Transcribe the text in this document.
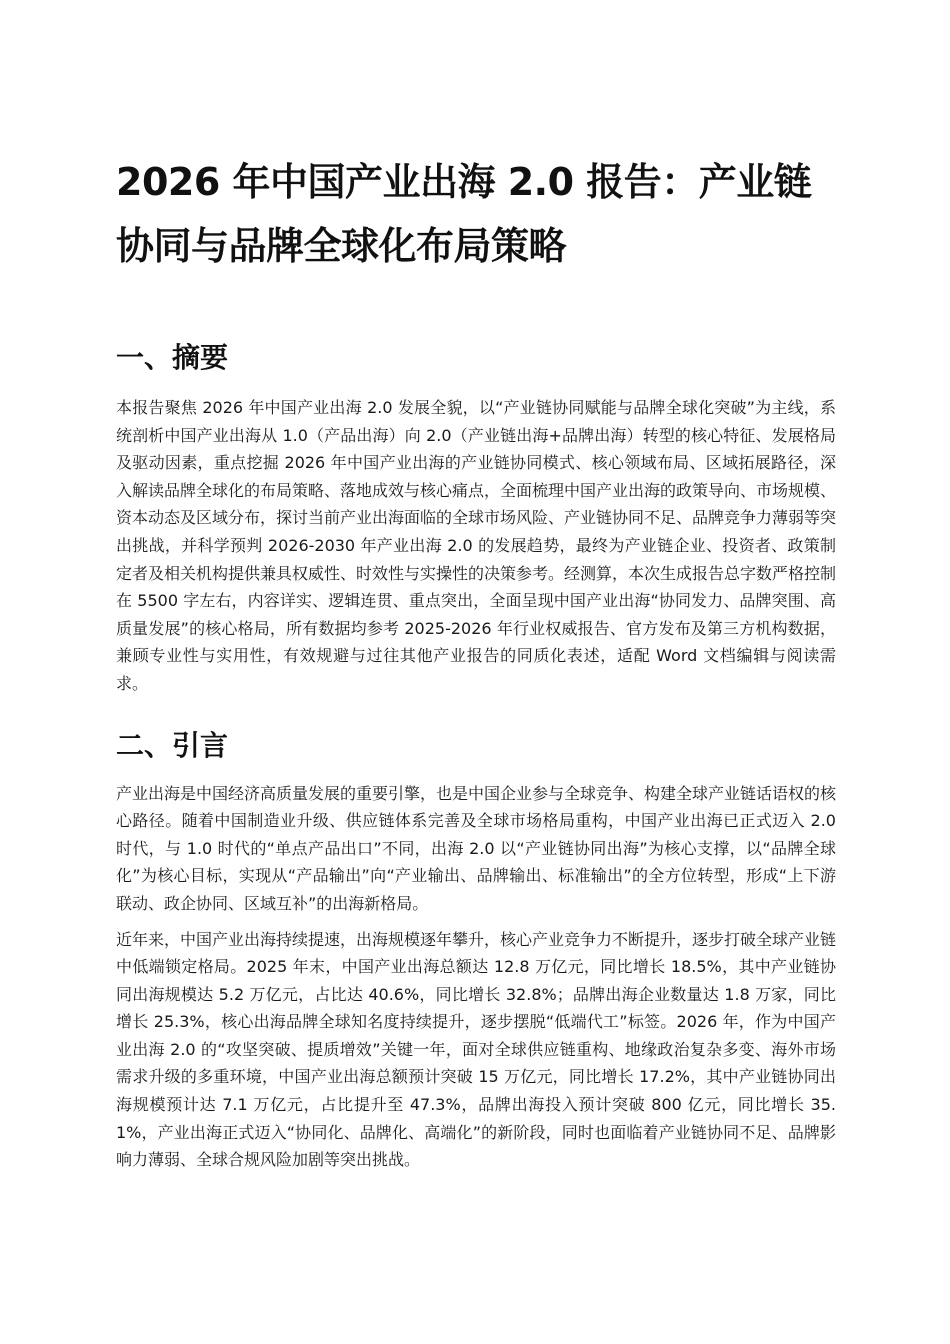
2026 年中国产业出海 2.0 报告：产业链协同与品牌全球化布局策略
一、摘要

本报告聚焦 2026 年中国产业出海 2.0 发展全貌，以“产业链协同赋能与品牌全球化突破”为主线，系统剖析中国产业出海从 1.0（产品出海）向 2.0（产业链出海+品牌出海）转型的核心特征、发展格局及驱动因素，重点挖掘 2026 年中国产业出海的产业链协同模式、核心领域布局、区域拓展路径，深入解读品牌全球化的布局策略、落地成效与核心痛点，全面梳理中国产业出海的政策导向、市场规模、资本动态及区域分布，探讨当前产业出海面临的全球市场风险、产业链协同不足、品牌竞争力薄弱等突出挑战，并科学预判 2026-2030 年产业出海 2.0 的发展趋势，最终为产业链企业、投资者、政策制定者及相关机构提供兼具权威性、时效性与实操性的决策参考。经测算，本次生成报告总字数严格控制在 5500 字左右，内容详实、逻辑连贯、重点突出，全面呈现中国产业出海“协同发力、品牌突围、高质量发展”的核心格局，所有数据均参考 2025-2026 年行业权威报告、官方发布及第三方机构数据，兼顾专业性与实用性，有效规避与过往其他产业报告的同质化表述，适配 Word 文档编辑与阅读需求。

二、引言

产业出海是中国经济高质量发展的重要引擎，也是中国企业参与全球竞争、构建全球产业链话语权的核心路径。随着中国制造业升级、供应链体系完善及全球市场格局重构，中国产业出海已正式迈入 2.0 时代，与 1.0 时代的“单点产品出口”不同，出海 2.0 以“产业链协同出海”为核心支撑，以“品牌全球化”为核心目标，实现从“产品输出”向“产业输出、品牌输出、标准输出”的全方位转型，形成“上下游联动、政企协同、区域互补”的出海新格局。

近年来，中国产业出海持续提速，出海规模逐年攀升，核心产业竞争力不断提升，逐步打破全球产业链中低端锁定格局。2025 年末，中国产业出海总额达 12.8 万亿元，同比增长 18.5%，其中产业链协同出海规模达 5.2 万亿元，占比达 40.6%，同比增长 32.8%；品牌出海企业数量达 1.8 万家，同比增长 25.3%，核心出海品牌全球知名度持续提升，逐步摆脱“低端代工”标签。2026 年，作为中国产业出海 2.0 的“攻坚突破、提质增效”关键一年，面对全球供应链重构、地缘政治复杂多变、海外市场需求升级的多重环境，中国产业出海总额预计突破 15 万亿元，同比增长 17.2%，其中产业链协同出海规模预计达 7.1 万亿元，占比提升至 47.3%，品牌出海投入预计突破 800 亿元，同比增长 35.1%，产业出海正式迈入“协同化、品牌化、高端化”的新阶段，同时也面临着产业链协同不足、品牌影响力薄弱、全球合规风险加剧等突出挑战。
